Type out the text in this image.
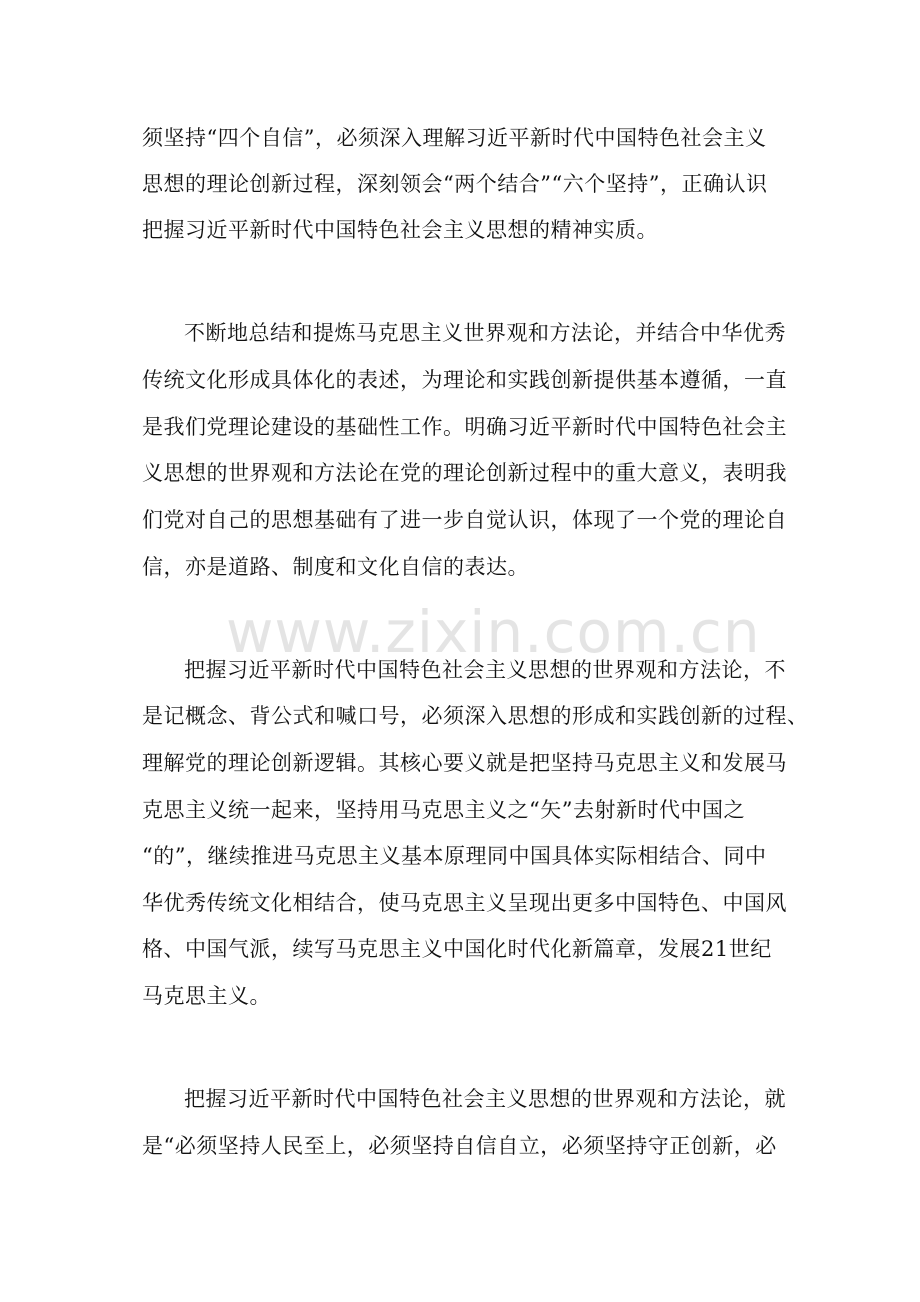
www.zixin.com.cn
须坚持“四个自信”，必须深入理解习近平新时代中国特色社会主义
思想的理论创新过程，深刻领会“两个结合”“六个坚持”，正确认识
把握习近平新时代中国特色社会主义思想的精神实质。
不断地总结和提炼马克思主义世界观和方法论，并结合中华优秀
传统文化形成具体化的表述，为理论和实践创新提供基本遵循，一直
是我们党理论建设的基础性工作。明确习近平新时代中国特色社会主
义思想的世界观和方法论在党的理论创新过程中的重大意义，表明我
们党对自己的思想基础有了进一步自觉认识，体现了一个党的理论自
信，亦是道路、制度和文化自信的表达。
把握习近平新时代中国特色社会主义思想的世界观和方法论，不
是记概念、背公式和喊口号，必须深入思想的形成和实践创新的过程、
理解党的理论创新逻辑。其核心要义就是把坚持马克思主义和发展马
克思主义统一起来，坚持用马克思主义之“矢”去射新时代中国之
“的”，继续推进马克思主义基本原理同中国具体实际相结合、同中
华优秀传统文化相结合，使马克思主义呈现出更多中国特色、中国风
格、中国气派，续写马克思主义中国化时代化新篇章，发展21世纪
马克思主义。
把握习近平新时代中国特色社会主义思想的世界观和方法论，就
是“必须坚持人民至上，必须坚持自信自立，必须坚持守正创新，必
